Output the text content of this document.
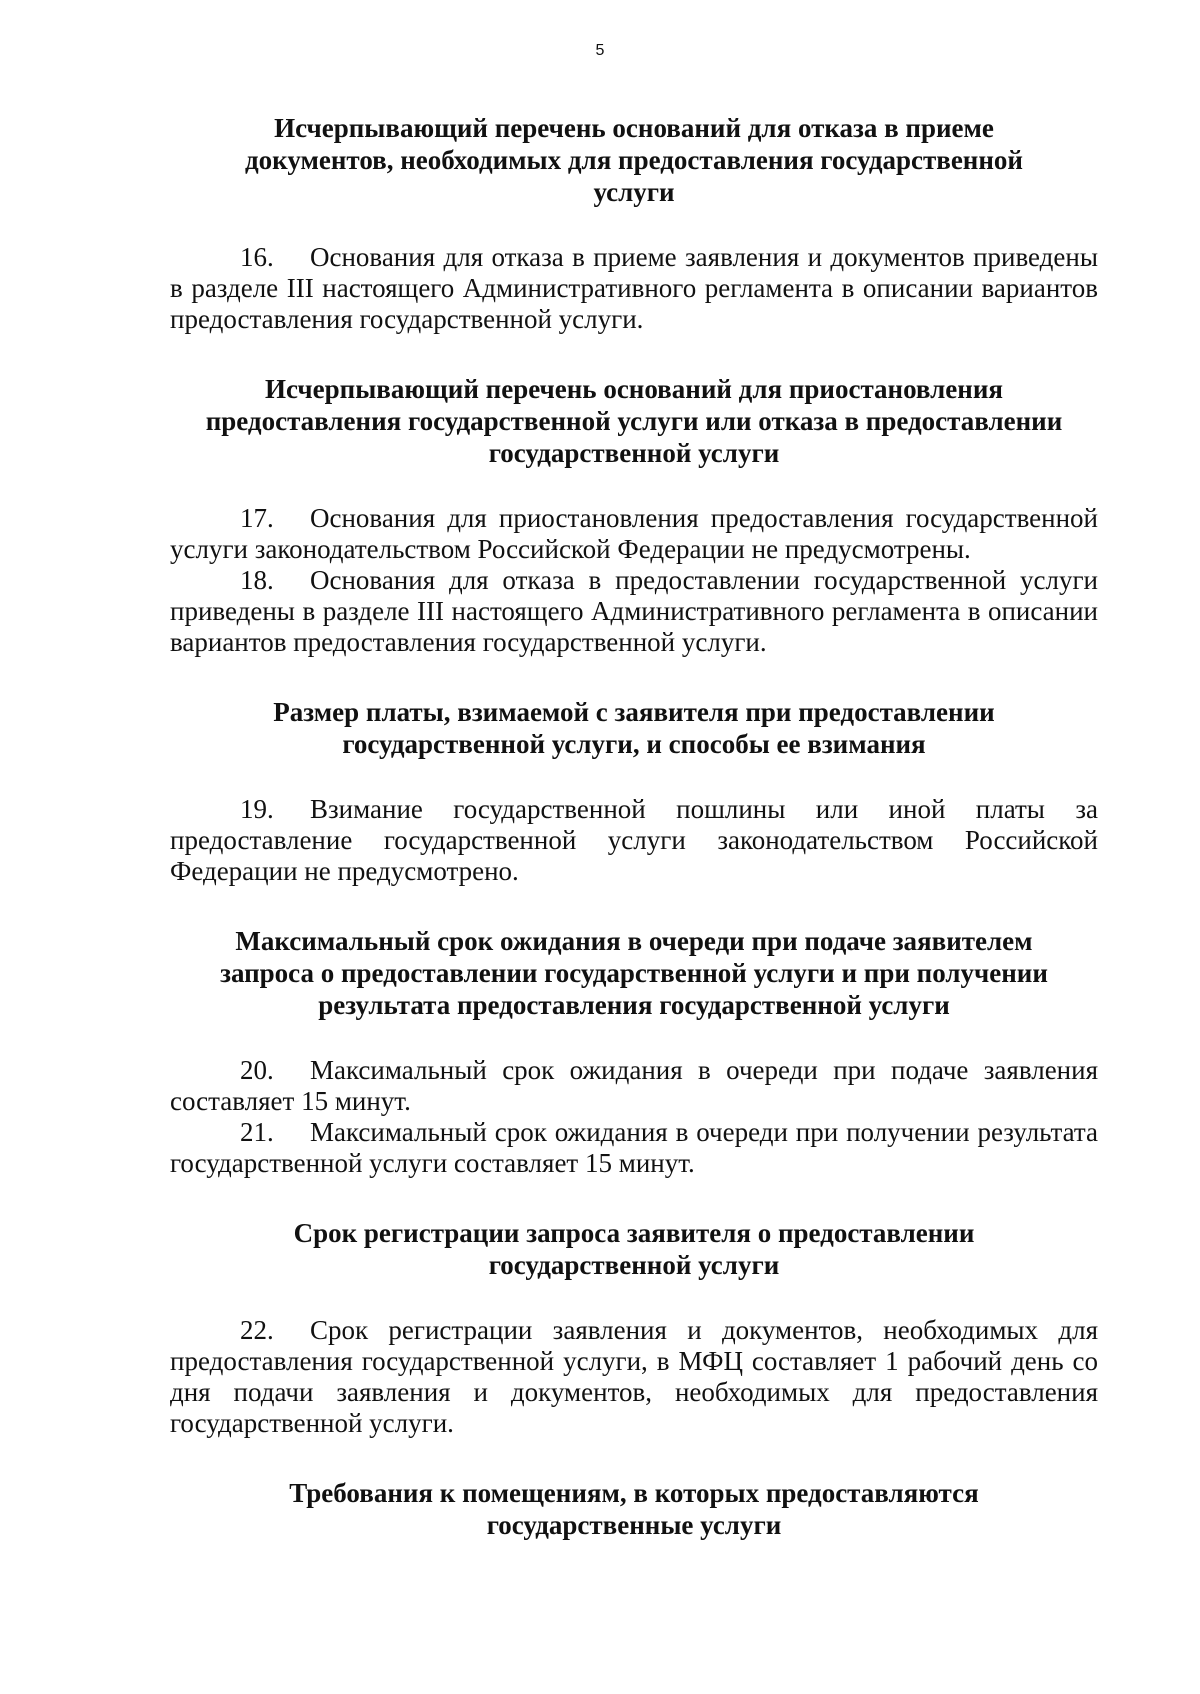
5
Исчерпывающий перечень оснований для отказа в приеме
документов, необходимых для предоставления государственной
услуги

16. Основания для отказа в приеме заявления и документов приведены в разделе III настоящего Административного регламента в описании вариантов предоставления государственной услуги.

Исчерпывающий перечень оснований для приостановления
предоставления государственной услуги или отказа в предоставлении
государственной услуги

17. Основания для приостановления предоставления государственной услуги законодательством Российской Федерации не предусмотрены.

18. Основания для отказа в предоставлении государственной услуги приведены в разделе III настоящего Административного регламента в описании вариантов предоставления государственной услуги.

Размер платы, взимаемой с заявителя при предоставлении
государственной услуги, и способы ее взимания

19. Взимание государственной пошлины или иной платы за предоставление государственной услуги законодательством Российской Федерации не предусмотрено.

Максимальный срок ожидания в очереди при подаче заявителем
запроса о предоставлении государственной услуги и при получении
результата предоставления государственной услуги

20. Максимальный срок ожидания в очереди при подаче заявления составляет 15 минут.

21. Максимальный срок ожидания в очереди при получении результата государственной услуги составляет 15 минут.

Срок регистрации запроса заявителя о предоставлении
государственной услуги

22. Срок регистрации заявления и документов, необходимых для предоставления государственной услуги, в МФЦ составляет 1 рабочий день со дня подачи заявления и документов, необходимых для предоставления государственной услуги.

Требования к помещениям, в которых предоставляются
государственные услуги
